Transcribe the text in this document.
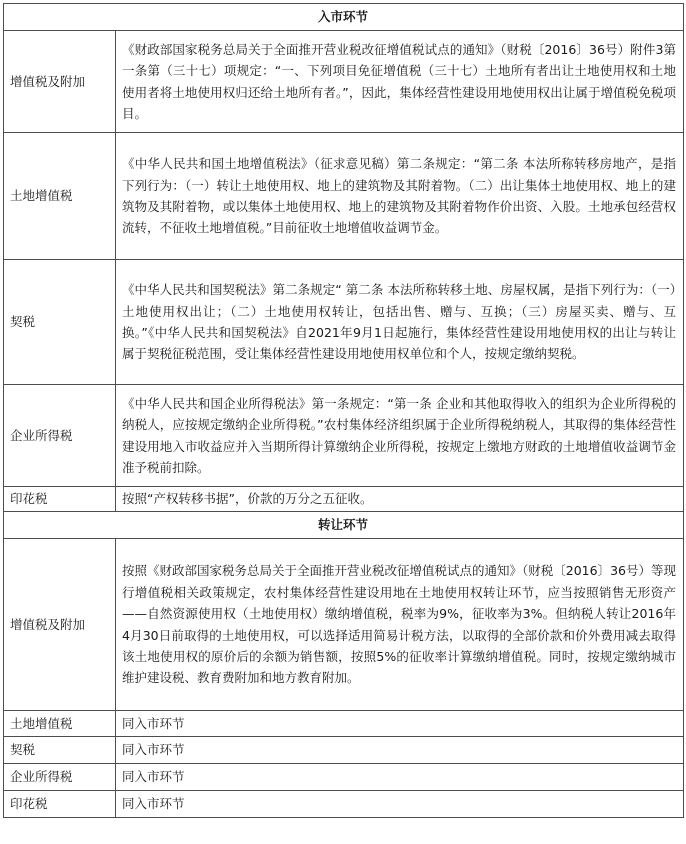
入市环节	
增值税及附加	《财政部国家税务总局关于全面推开营业税改征增值税试点的通知》（财税〔2016〕36号）附件3第一条第（三十七）项规定：“一、下列项目免征增值税（三十七）土地所有者出让土地使用权和土地使用者将土地使用权归还给土地所有者。”，因此，集体经营性建设用地使用权出让属于增值税免税项目。
土地增值税	《中华人民共和国土地增值税法》（征求意见稿）第二条规定：“第二条 本法所称转移房地产，是指下列行为：（一）转让土地使用权、地上的建筑物及其附着物。（二）出让集体土地使用权、地上的建筑物及其附着物，或以集体土地使用权、地上的建筑物及其附着物作价出资、入股。土地承包经营权流转，不征收土地增值税。”目前征收土地增值收益调节金。
契税	《中华人民共和国契税法》第二条规定“ 第二条 本法所称转移土地、房屋权属，是指下列行为：（一）土地使用权出让；（二）土地使用权转让，包括出售、赠与、互换；（三）房屋买卖、赠与、互换。”《中华人民共和国契税法》自2021年9月1日起施行，集体经营性建设用地使用权的出让与转让属于契税征税范围，受让集体经营性建设用地使用权单位和个人，按规定缴纳契税。
企业所得税	《中华人民共和国企业所得税法》第一条规定：“第一条 企业和其他取得收入的组织为企业所得税的纳税人，应按规定缴纳企业所得税。”农村集体经济组织属于企业所得税纳税人，其取得的集体经营性建设用地入市收益应并入当期所得计算缴纳企业所得税，按规定上缴地方财政的土地增值收益调节金准予税前扣除。
印花税	按照“产权转移书据”，价款的万分之五征收。
转让环节	
增值税及附加	按照《财政部国家税务总局关于全面推开营业税改征增值税试点的通知》（财税〔2016〕36号）等现行增值税相关政策规定，农村集体经营性建设用地在土地使用权转让环节，应当按照销售无形资产——自然资源使用权（土地使用权）缴纳增值税，税率为9%，征收率为3%。但纳税人转让2016年4月30日前取得的土地使用权，可以选择适用简易计税方法，以取得的全部价款和价外费用减去取得该土地使用权的原价后的余额为销售额，按照5%的征收率计算缴纳增值税。同时，按规定缴纳城市维护建设税、教育费附加和地方教育附加。
土地增值税	同入市环节
契税	同入市环节
企业所得税	同入市环节
印花税	同入市环节
